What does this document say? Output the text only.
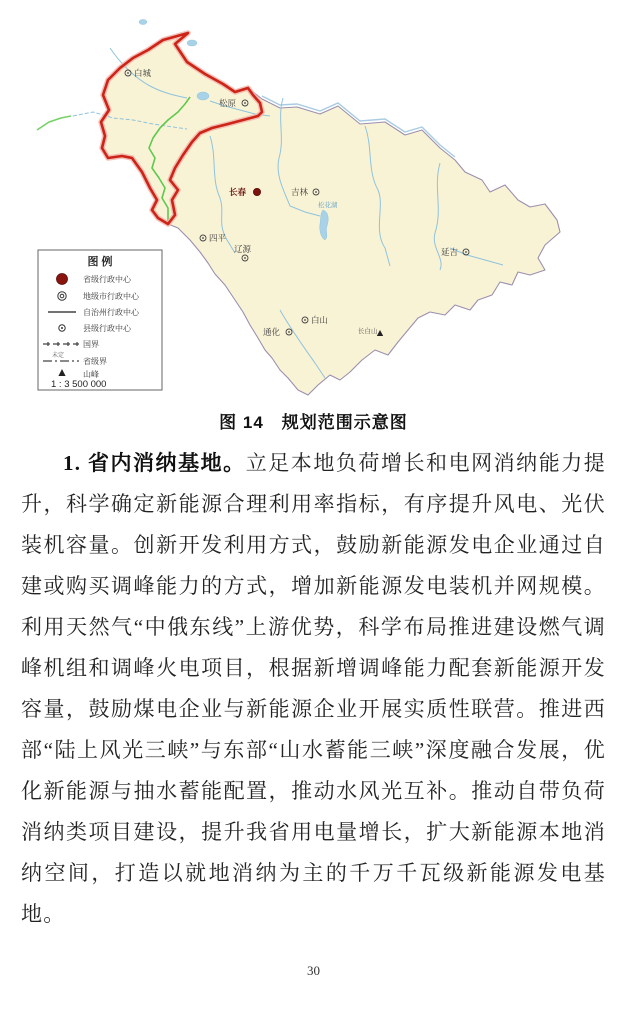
松花湖
白城
松原
长春	吉林
四平
辽源
通化
白山
延吉
长白山
图 例
省级行政中心
地级市行政中心
自治州行政中心
县级行政中心
国界
未定
省级界
山峰
1 : 3 500 000
图 14　规划范围示意图

1. 省内消纳基地。立足本地负荷增长和电网消纳能力提升，科学确定新能源合理利用率指标，有序提升风电、光伏装机容量。创新开发利用方式，鼓励新能源发电企业通过自建或购买调峰能力的方式，增加新能源发电装机并网规模。利用天然气“中俄东线”上游优势，科学布局推进建设燃气调峰机组和调峰火电项目，根据新增调峰能力配套新能源开发容量，鼓励煤电企业与新能源企业开展实质性联营。推进西部“陆上风光三峡”与东部“山水蓄能三峡”深度融合发展，优化新能源与抽水蓄能配置，推动水风光互补。推动自带负荷消纳类项目建设，提升我省用电量增长，扩大新能源本地消纳空间，打造以就地消纳为主的千万千瓦级新能源发电基地。

30
